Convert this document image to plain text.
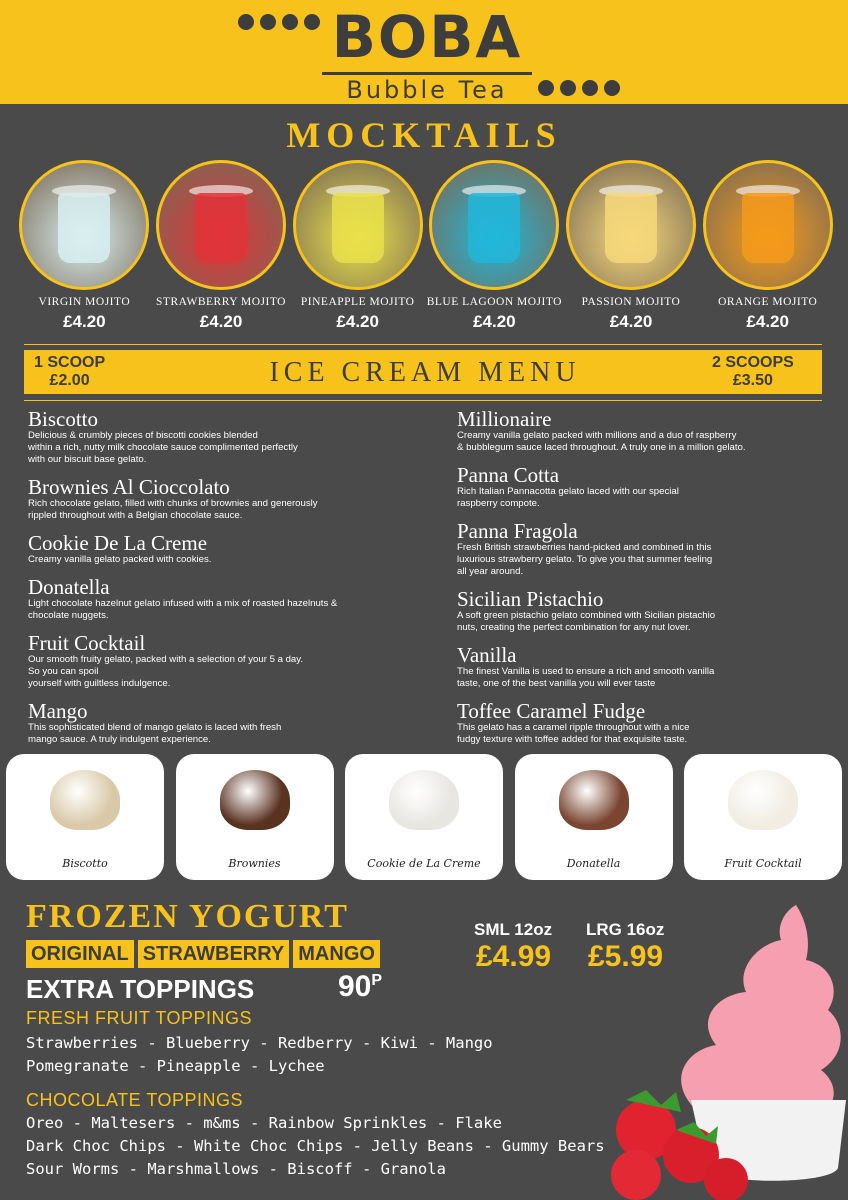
BOBA
Bubble Tea
MOCKTAILS
VIRGIN MOJITO
£4.20
STRAWBERRY MOJITO
£4.20
PINEAPPLE MOJITO
£4.20
BLUE LAGOON MOJITO
£4.20
PASSION MOJITO
£4.20
ORANGE MOJITO
£4.20
1 SCOOP
£2.00	ICE CREAM MENU	2 SCOOPS
£3.50
Biscotto
Delicious & crumbly pieces of biscotti cookies blended
within a rich, nutty milk chocolate sauce complimented perfectly
with our biscuit base gelato.
Brownies Al Cioccolato
Rich chocolate gelato, filled with chunks of brownies and generously
rippled throughout with a Belgian chocolate sauce.
Cookie De La Creme
Creamy vanilla gelato packed with cookies.
Donatella
Light chocolate hazelnut gelato infused with a mix of roasted hazelnuts &
chocolate nuggets.
Fruit Cocktail
Our smooth fruity gelato, packed with a selection of your 5 a day.
So you can spoil
yourself with guiltless indulgence.
Mango
This sophisticated blend of mango gelato is laced with fresh
mango sauce. A truly indulgent experience.
Millionaire
Creamy vanilla gelato packed with millions and a duo of raspberry
& bubblegum sauce laced throughout. A truly one in a million gelato.
Panna Cotta
Rich Italian Pannacotta gelato laced with our special
raspberry compote.
Panna Fragola
Fresh British strawberries hand-picked and combined in this
luxurious strawberry gelato. To give you that summer feeling
all year around.
Sicilian Pistachio
A soft green pistachio gelato combined with Sicilian pistachio
nuts, creating the perfect combination for any nut lover.
Vanilla
The finest Vanilla is used to ensure a rich and smooth vanilla
taste, one of the best vanilla you will ever taste
Toffee Caramel Fudge
This gelato has a caramel ripple throughout with a nice
fudgy texture with toffee added for that exquisite taste.
Biscotto	Brownies	Cookie de La Creme	Donatella	Fruit Cocktail
FROZEN YOGURT
ORIGINAL STRAWBERRY MANGO
SML 12oz
£4.99
LRG 16oz
£5.99
EXTRA TOPPINGS	$90^P$
FRESH FRUIT TOPPINGS
Strawberries - Blueberry - Redberry - Kiwi - Mango
Pomegranate - Pineapple - Lychee
CHOCOLATE TOPPINGS
Oreo - Maltesers - m&ms - Rainbow Sprinkles - Flake
Dark Choc Chips - White Choc Chips - Jelly Beans - Gummy Bears
Sour Worms - Marshmallows - Biscoff - Granola
